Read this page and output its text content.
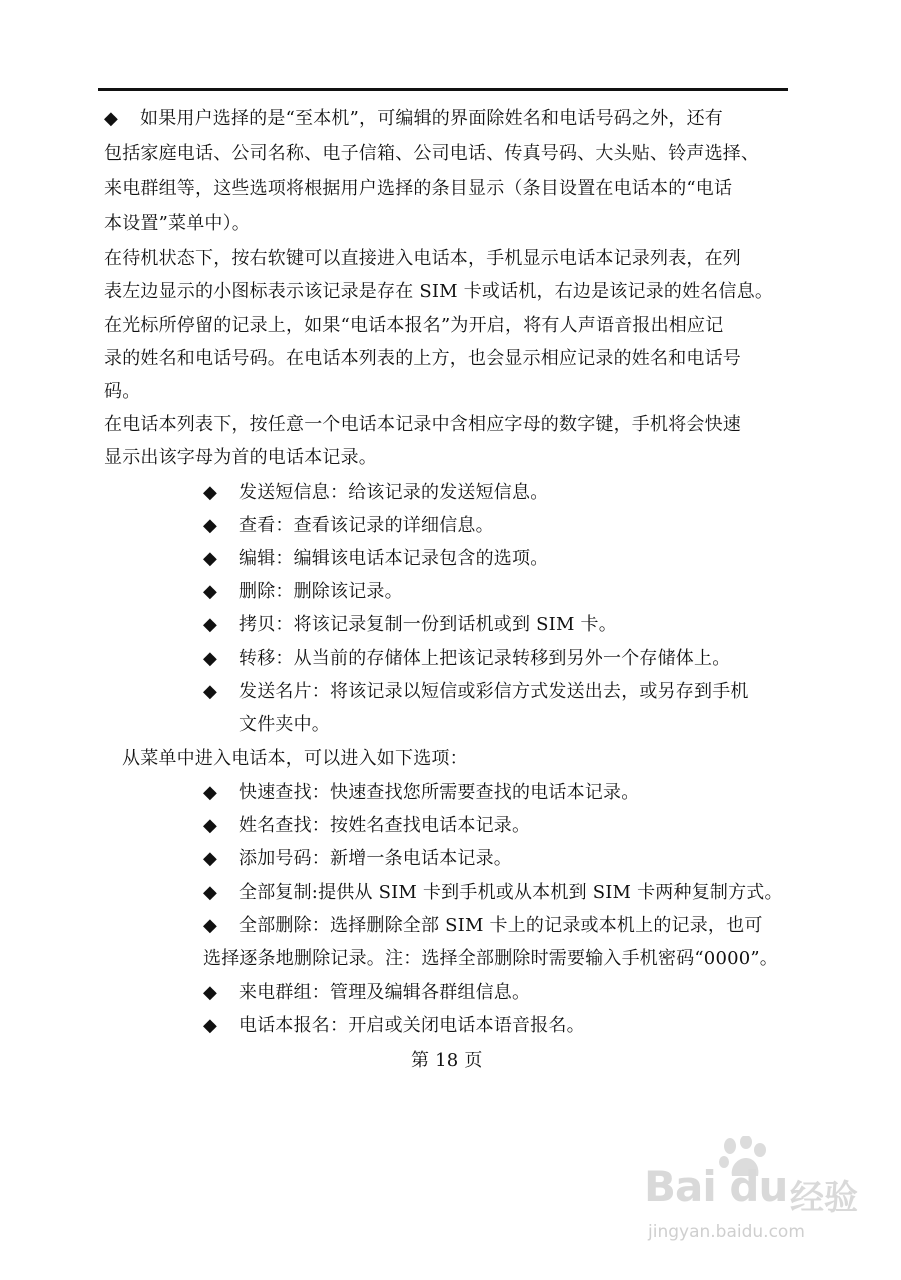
◆ 如果用户选择的是“至本机”，可编辑的界面除姓名和电话号码之外，还有
包括家庭电话、公司名称、电子信箱、公司电话、传真号码、大头贴、铃声选择、
来电群组等，这些选项将根据用户选择的条目显示（条目设置在电话本的“电话
本设置”菜单中）。
在待机状态下，按右软键可以直接进入电话本，手机显示电话本记录列表，在列
表左边显示的小图标表示该记录是存在 SIM 卡或话机，右边是该记录的姓名信息。
在光标所停留的记录上，如果“电话本报名”为开启，将有人声语音报出相应记
录的姓名和电话号码。在电话本列表的上方，也会显示相应记录的姓名和电话号
码。
在电话本列表下，按任意一个电话本记录中含相应字母的数字键，手机将会快速
显示出该字母为首的电话本记录。
◆ 发送短信息：给该记录的发送短信息。
◆ 查看：查看该记录的详细信息。
◆ 编辑：编辑该电话本记录包含的选项。
◆ 删除：删除该记录。
◆ 拷贝：将该记录复制一份到话机或到 SIM 卡。
◆ 转移：从当前的存储体上把该记录转移到另外一个存储体上。
◆ 发送名片：将该记录以短信或彩信方式发送出去，或另存到手机
文件夹中。
从菜单中进入电话本，可以进入如下选项：
◆ 快速查找：快速查找您所需要查找的电话本记录。
◆ 姓名查找：按姓名查找电话本记录。
◆ 添加号码：新增一条电话本记录。
◆ 全部复制:提供从 SIM 卡到手机或从本机到 SIM 卡两种复制方式。
◆ 全部删除：选择删除全部 SIM 卡上的记录或本机上的记录，也可
选择逐条地删除记录。注：选择全部删除时需要输入手机密码“0000”。
◆ 来电群组：管理及编辑各群组信息。
◆ 电话本报名：开启或关闭电话本语音报名。
第 18 页
Bai du 经验
jingyan.baidu.com
